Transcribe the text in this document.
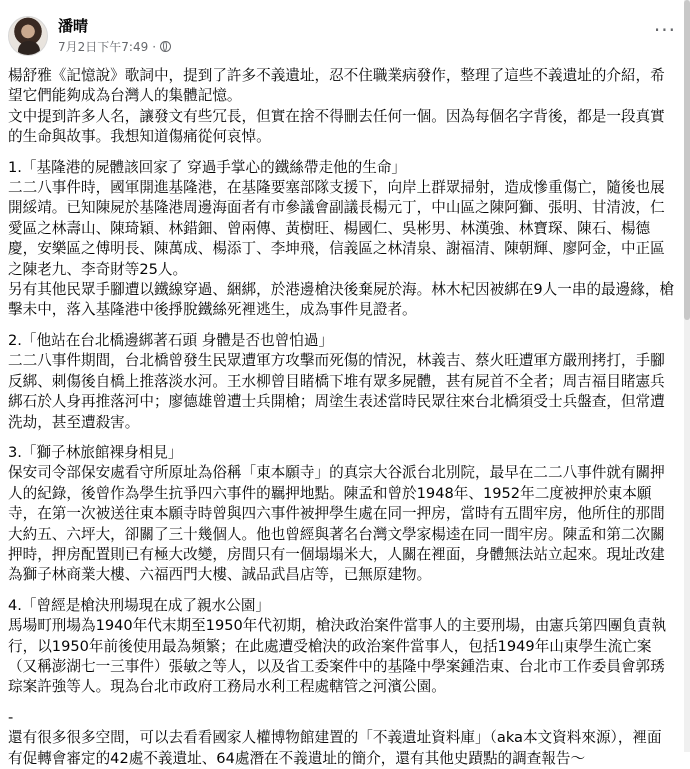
潘晴
7月2日下午7:49 ·
···

楊舒雅《記憶說》歌詞中，提到了許多不義遺址，忍不住職業病發作，整理了這些不義遺址的介紹，希望它們能夠成為台灣人的集體記憶。

文中提到許多人名，讓發文有些冗長，但實在捨不得刪去任何一個。因為每個名字背後，都是一段真實的生命與故事。我想知道傷痛從何哀悼。

1.「基隆港的屍體該回家了 穿過手掌心的鐵絲帶走他的生命」

二二八事件時，國軍開進基隆港，在基隆要塞部隊支援下，向岸上群眾掃射，造成慘重傷亡，隨後也展開綏靖。已知陳屍於基隆港周邊海面者有市參議會副議長楊元丁，中山區之陳阿獅、張明、甘清波，仁愛區之林壽山、陳琦穎、林錯鈿、曾兩傳、黃樹旺、楊國仁、吳彬男、林漢強、林寶琛、陳石、楊德慶，安樂區之傅明長、陳萬成、楊添丁、李坤飛，信義區之林清泉、謝福清、陳朝輝、廖阿金，中正區之陳老九、李奇財等25人。

另有其他民眾手腳遭以鐵線穿過、綑綁，於港邊槍決後棄屍於海。林木杞因被綁在9人一串的最邊緣，槍擊未中，落入基隆港中後掙脫鐵絲死裡逃生，成為事件見證者。

2.「他站在台北橋邊綁著石頭 身體是否也曾怕過」

二二八事件期間，台北橋曾發生民眾遭軍方攻擊而死傷的情況，林義吉、蔡火旺遭軍方嚴刑拷打，手腳反綁、刺傷後自橋上推落淡水河。王水柳曾目睹橋下堆有眾多屍體，甚有屍首不全者；周吉福目睹憲兵綁石於人身再推落河中；廖德雄曾遭士兵開槍；周塗生表述當時民眾往來台北橋須受士兵盤查，但常遭洗劫，甚至遭殺害。

3.「獅子林旅館裸身相見」

保安司令部保安處看守所原址為俗稱「東本願寺」的真宗大谷派台北別院，最早在二二八事件就有關押人的紀錄，後曾作為學生抗爭四六事件的羈押地點。陳孟和曾於1948年、1952年二度被押於東本願寺，在第一次被送往東本願寺時曾與四六事件被押學生處在同一押房，當時有五間牢房，他所住的那間大約五、六坪大，卻關了三十幾個人。他也曾經與著名台灣文學家楊逵在同一間牢房。陳孟和第二次關押時，押房配置則已有極大改變，房間只有一個塌塌米大，人關在裡面，身體無法站立起來。現址改建為獅子林商業大樓、六福西門大樓、誠品武昌店等，已無原建物。

4.「曾經是槍決刑場現在成了親水公園」

馬場町刑場為1940年代末期至1950年代初期，槍決政治案件當事人的主要刑場，由憲兵第四團負責執行，以1950年前後使用最為頻繁；在此處遭受槍決的政治案件當事人，包括1949年山東學生流亡案（又稱澎湖七一三事件）張敏之等人，以及省工委案件中的基隆中學案鍾浩東、台北市工作委員會郭琇琮案許強等人。現為台北市政府工務局水利工程處轄管之河濱公園。

-

還有很多很多空間，可以去看看國家人權博物館建置的「不義遺址資料庫」（aka本文資料來源），裡面有促轉會審定的42處不義遺址、64處潛在不義遺址的簡介，還有其他史蹟點的調查報告～
